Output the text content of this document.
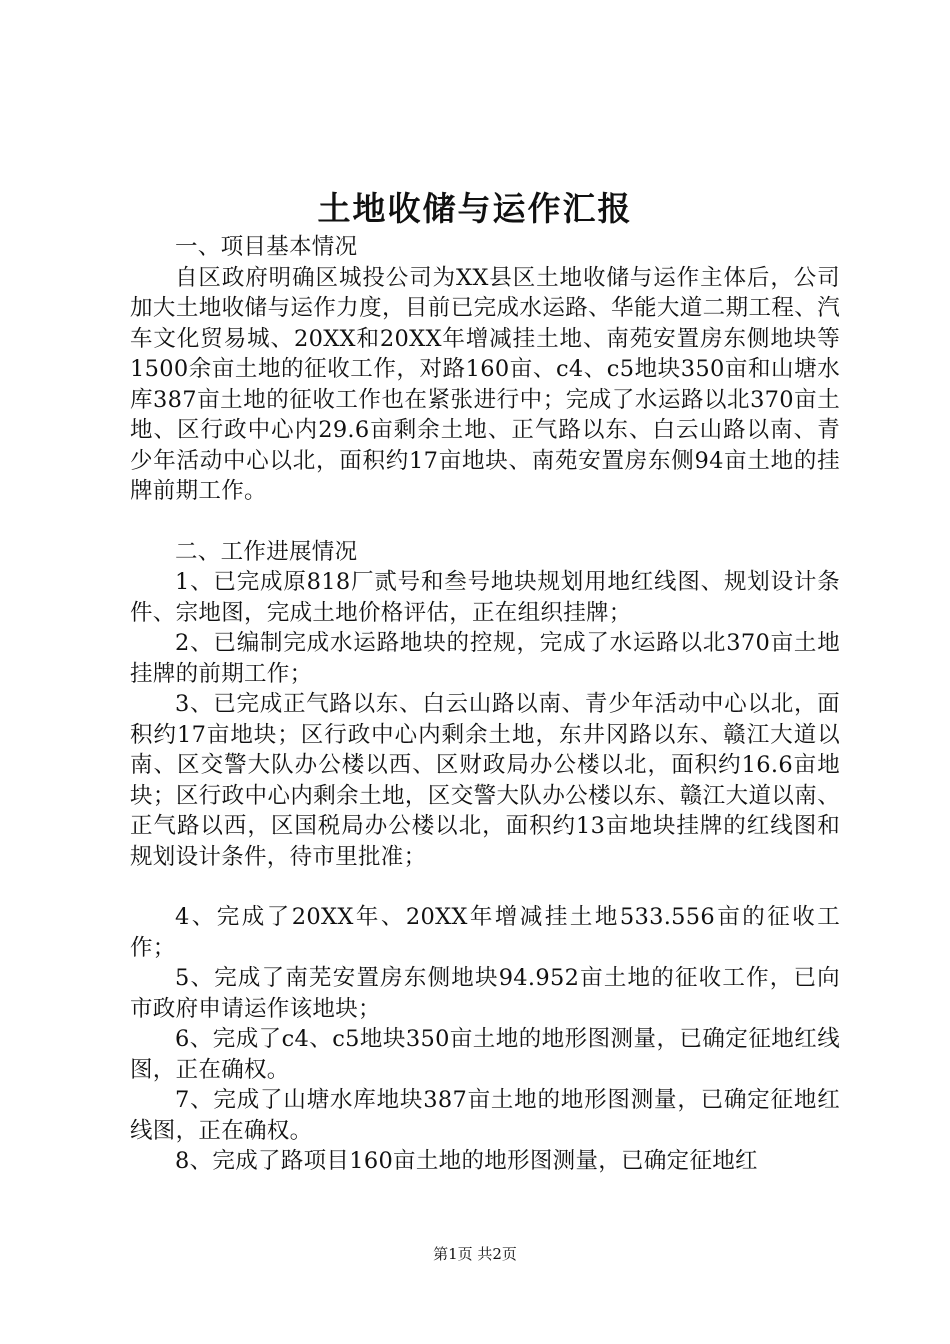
土地收储与运作汇报

一、项目基本情况

自区政府明确区城投公司为XX县区土地收储与运作主体后，公司加大土地收储与运作力度，目前已完成水运路、华能大道二期工程、汽车文化贸易城、20XX和20XX年增减挂土地、南苑安置房东侧地块等1500余亩土地的征收工作，对路160亩、c4、c5地块350亩和山塘水库387亩土地的征收工作也在紧张进行中；完成了水运路以北370亩土地、区行政中心内29.6亩剩余土地、正气路以东、白云山路以南、青少年活动中心以北，面积约17亩地块、南苑安置房东侧94亩土地的挂牌前期工作。

二、工作进展情况

1、已完成原818厂贰号和叁号地块规划用地红线图、规划设计条件、宗地图，完成土地价格评估，正在组织挂牌；

2、已编制完成水运路地块的控规，完成了水运路以北370亩土地挂牌的前期工作；

3、已完成正气路以东、白云山路以南、青少年活动中心以北，面积约17亩地块；区行政中心内剩余土地，东井冈路以东、赣江大道以南、区交警大队办公楼以西、区财政局办公楼以北，面积约16.6亩地块；区行政中心内剩余土地，区交警大队办公楼以东、赣江大道以南、正气路以西，区国税局办公楼以北，面积约13亩地块挂牌的红线图和规划设计条件，待市里批准；

4、完成了20XX年、20XX年增减挂土地533.556亩的征收工作；

5、完成了南芜安置房东侧地块94.952亩土地的征收工作，已向市政府申请运作该地块；

6、完成了c4、c5地块350亩土地的地形图测量，已确定征地红线图，正在确权。

7、完成了山塘水库地块387亩土地的地形图测量，已确定征地红线图，正在确权。

8、完成了路项目160亩土地的地形图测量，已确定征地红

第1页 共2页
